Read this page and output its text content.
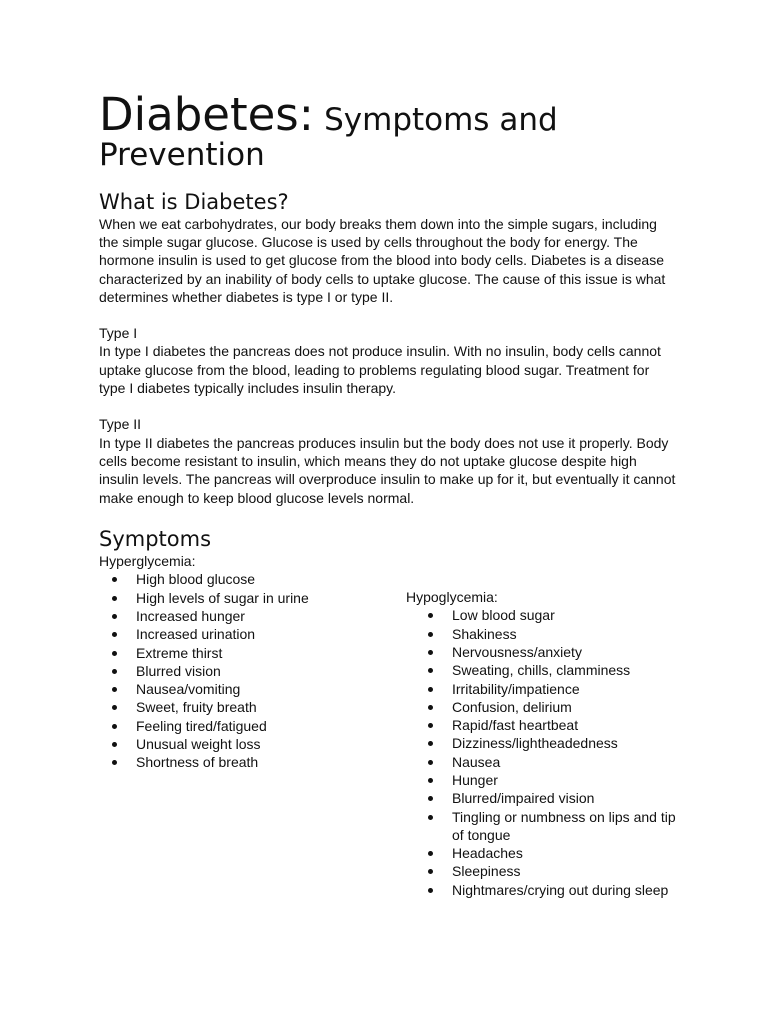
Diabetes: Symptoms and
Prevention
What is Diabetes?

When we eat carbohydrates, our body breaks them down into the simple sugars, including the simple sugar glucose. Glucose is used by cells throughout the body for energy. The hormone insulin is used to get glucose from the blood into body cells. Diabetes is a disease characterized by an inability of body cells to uptake glucose. The cause of this issue is what determines whether diabetes is type I or type II.

Type I

In type I diabetes the pancreas does not produce insulin. With no insulin, body cells cannot uptake glucose from the blood, leading to problems regulating blood sugar. Treatment for type I diabetes typically includes insulin therapy.

Type II

In type II diabetes the pancreas produces insulin but the body does not use it properly. Body cells become resistant to insulin, which means they do not uptake glucose despite high insulin levels. The pancreas will overproduce insulin to make up for it, but eventually it cannot make enough to keep blood glucose levels normal.

Symptoms

Hyperglycemia:

High blood glucose
High levels of sugar in urine
Increased hunger
Increased urination
Extreme thirst
Blurred vision
Nausea/vomiting
Sweet, fruity breath
Feeling tired/fatigued
Unusual weight loss
Shortness of breath

Hypoglycemia:

Low blood sugar
Shakiness
Nervousness/anxiety
Sweating, chills, clamminess
Irritability/impatience
Confusion, delirium
Rapid/fast heartbeat
Dizziness/lightheadedness
Nausea
Hunger
Blurred/impaired vision
Tingling or numbness on lips and tip of tongue
Headaches
Sleepiness
Nightmares/crying out during sleep
